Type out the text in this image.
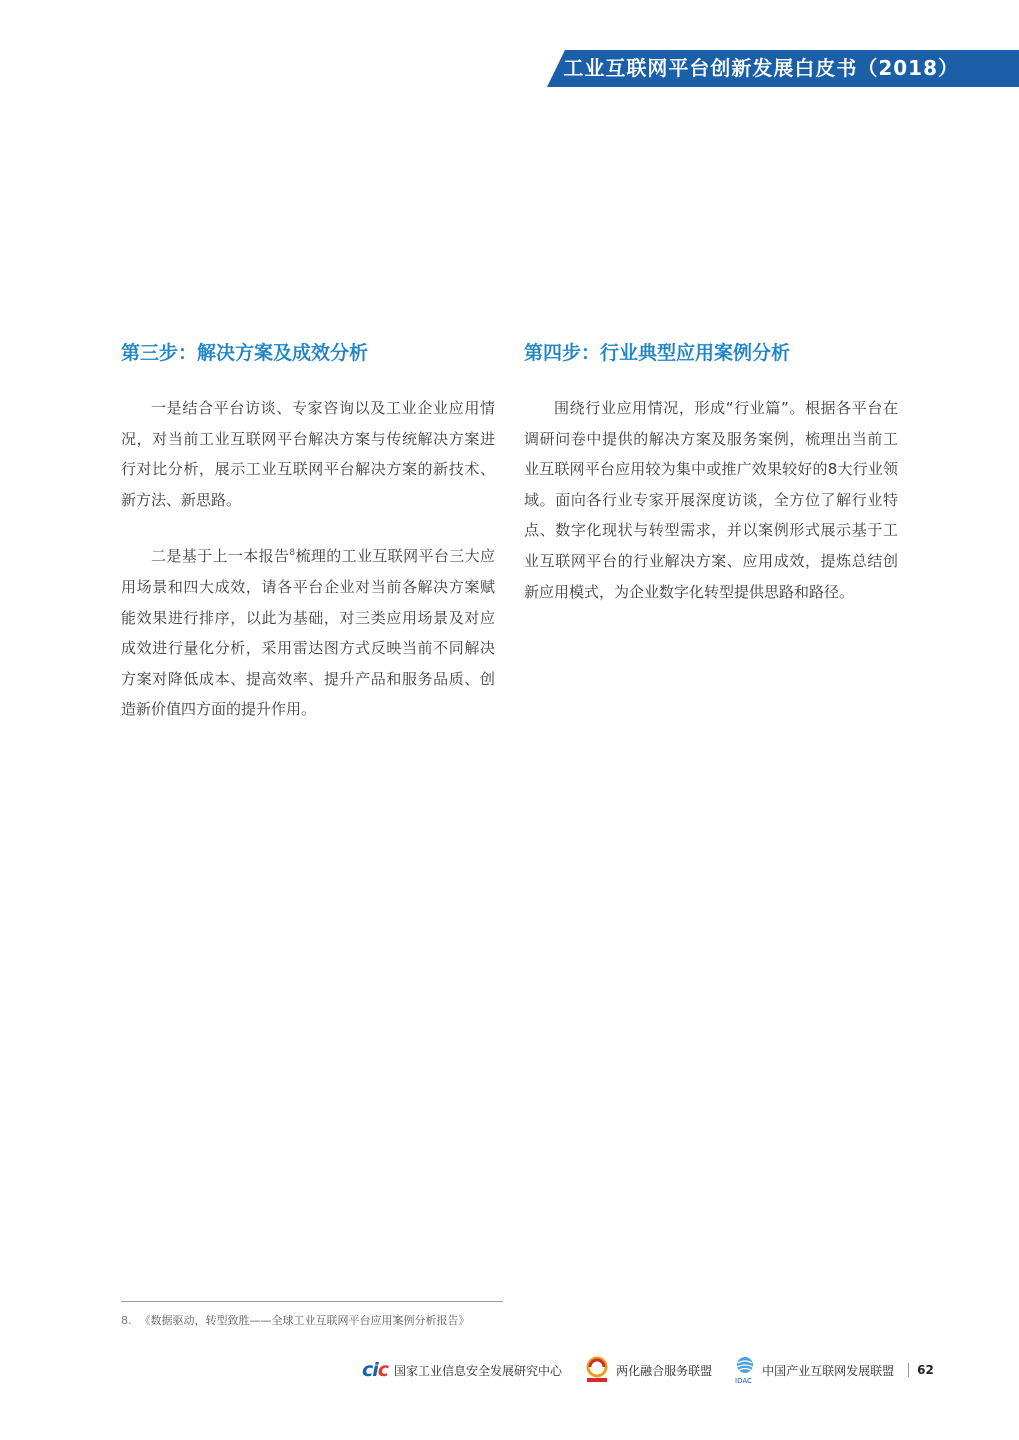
工业互联网平台创新发展白皮书（2018）
第三步：解决方案及成效分析

一是结合平台访谈、专家咨询以及工业企业应用情况，对当前工业互联网平台解决方案与传统解决方案进行对比分析，展示工业互联网平台解决方案的新技术、新方法、新思路。

二是基于上一本报告$^8$梳理的工业互联网平台三大应用场景和四大成效，请各平台企业对当前各解决方案赋能效果进行排序，以此为基础，对三类应用场景及对应成效进行量化分析，采用雷达图方式反映当前不同解决方案对降低成本、提高效率、提升产品和服务品质、创造新价值四方面的提升作用。

第四步：行业典型应用案例分析

围绕行业应用情况，形成“行业篇”。根据各平台在调研问卷中提供的解决方案及服务案例，梳理出当前工业互联网平台应用较为集中或推广效果较好的8大行业领域。面向各行业专家开展深度访谈，全方位了解行业特点、数字化现状与转型需求，并以案例形式展示基于工业互联网平台的行业解决方案、应用成效，提炼总结创新应用模式，为企业数字化转型提供思路和路径。

8. 《数据驱动，转型致胜——全球工业互联网平台应用案例分析报告》
cic 国家工业信息安全发展研究中心	两化融合服务联盟
IDAC
中国产业互联网发展联盟 62
